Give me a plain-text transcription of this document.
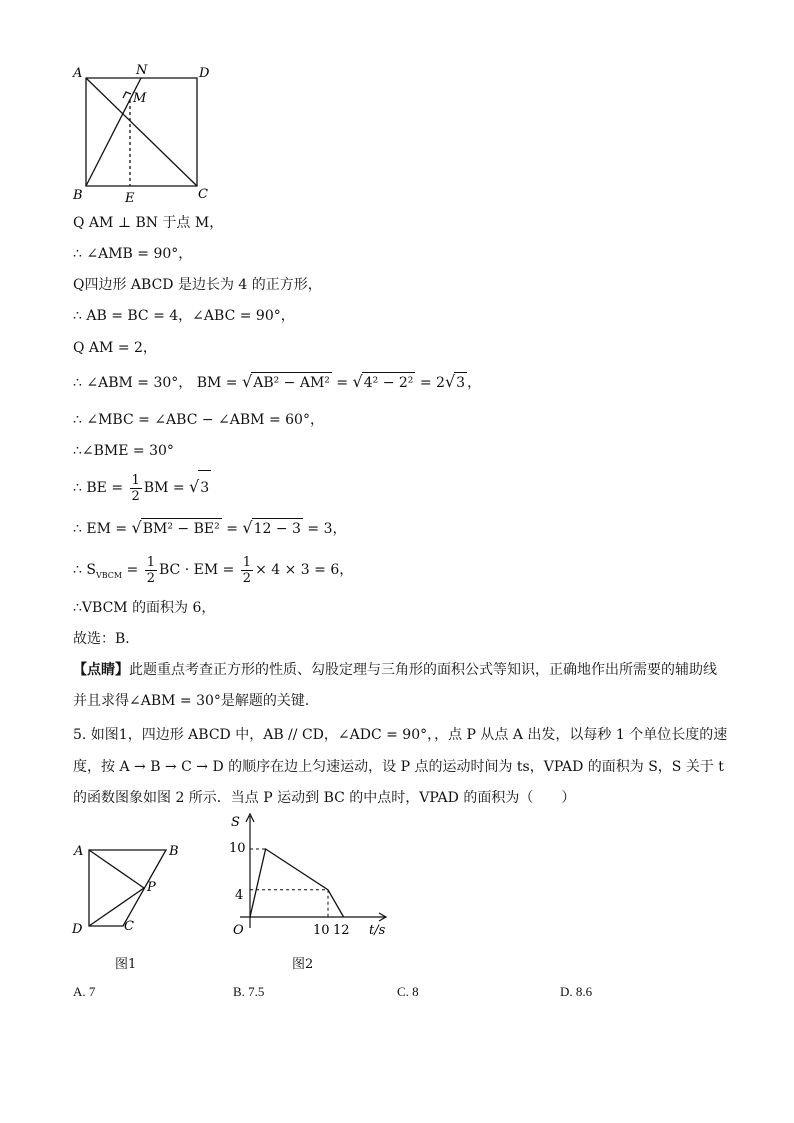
A	N	D
M
B	E	C
Q AM ⊥ BN 于点 M，
∴ ∠AMB = 90°，
Q四边形 ABCD 是边长为 4 的正方形，
∴ AB = BC = 4，∠ABC = 90°，
Q AM = 2，
∴ ∠ABM = 30°， BM = √AB² − AM² = √4² − 2² = 2√3 ，
∴ ∠MBC = ∠ABC − ∠ABM = 60°，
∴∠BME = 30°
∴ BE = $\frac{1}{2}$ BM = √3
∴ EM = √BM² − BE² = √12 − 3 = 3，
∴ $S_{VBCM} = \frac{1}{2}$ BC · EM = $\frac{1}{2} \times 4 \times 3 = 6$，
∴VBCM 的面积为 6，
故选：B．
【点睛】此题重点考查正方形的性质、勾股定理与三角形的面积公式等知识，正确地作出所需要的辅助线
并且求得∠ABM = 30°是解题的关键．
5. 如图1，四边形 ABCD 中，AB // CD，∠ADC = 90°，，点 P 从点 A 出发，以每秒 1 个单位长度的速
度，按 A → B → C → D 的顺序在边上匀速运动，设 P 点的运动时间为 ts，VPAD 的面积为 S，S 关于 t
的函数图象如图 2 所示．当点 P 运动到 BC 的中点时，VPAD 的面积为（　　）
A	B
P
D	C
图1
S
t/s
O
10
4
10 12
图2
A. 7	B. 7.5	C. 8	D. 8.6
